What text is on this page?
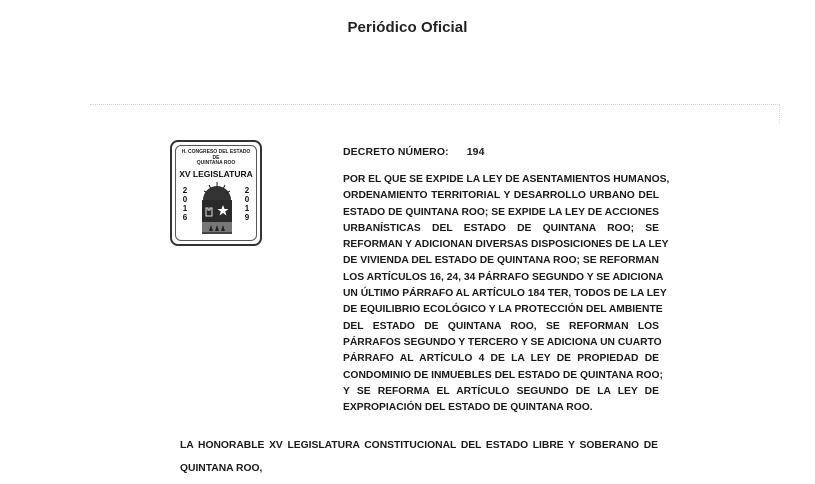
Periódico Oficial
H. CONGRESO DEL ESTADO
DE
QUINTANA ROO
XV LEGISLATURA
2
0
1
6
2
0
1
9
DECRETO NÚMERO: 194
POR EL QUE SE EXPIDE LA LEY DE ASENTAMIENTOS HUMANOS,
ORDENAMIENTO TERRITORIAL Y DESARROLLO URBANO DEL
ESTADO DE QUINTANA ROO; SE EXPIDE LA LEY DE ACCIONES
URBANÍSTICAS DEL ESTADO DE QUINTANA ROO; SE
REFORMAN Y ADICIONAN DIVERSAS DISPOSICIONES DE LA LEY
DE VIVIENDA DEL ESTADO DE QUINTANA ROO; SE REFORMAN
LOS ARTÍCULOS 16, 24, 34 PÁRRAFO SEGUNDO Y SE ADICIONA
UN ÚLTIMO PÁRRAFO AL ARTÍCULO 184 TER, TODOS DE LA LEY
DE EQUILIBRIO ECOLÓGICO Y LA PROTECCIÓN DEL AMBIENTE
DEL ESTADO DE QUINTANA ROO, SE REFORMAN LOS
PÁRRAFOS SEGUNDO Y TERCERO Y SE ADICIONA UN CUARTO
PÁRRAFO AL ARTÍCULO 4 DE LA LEY DE PROPIEDAD DE
CONDOMINIO DE INMUEBLES DEL ESTADO DE QUINTANA ROO;
Y SE REFORMA EL ARTÍCULO SEGUNDO DE LA LEY DE
EXPROPIACIÓN DEL ESTADO DE QUINTANA ROO.
LA HONORABLE XV LEGISLATURA CONSTITUCIONAL DEL ESTADO LIBRE Y SOBERANO DE
QUINTANA ROO,
